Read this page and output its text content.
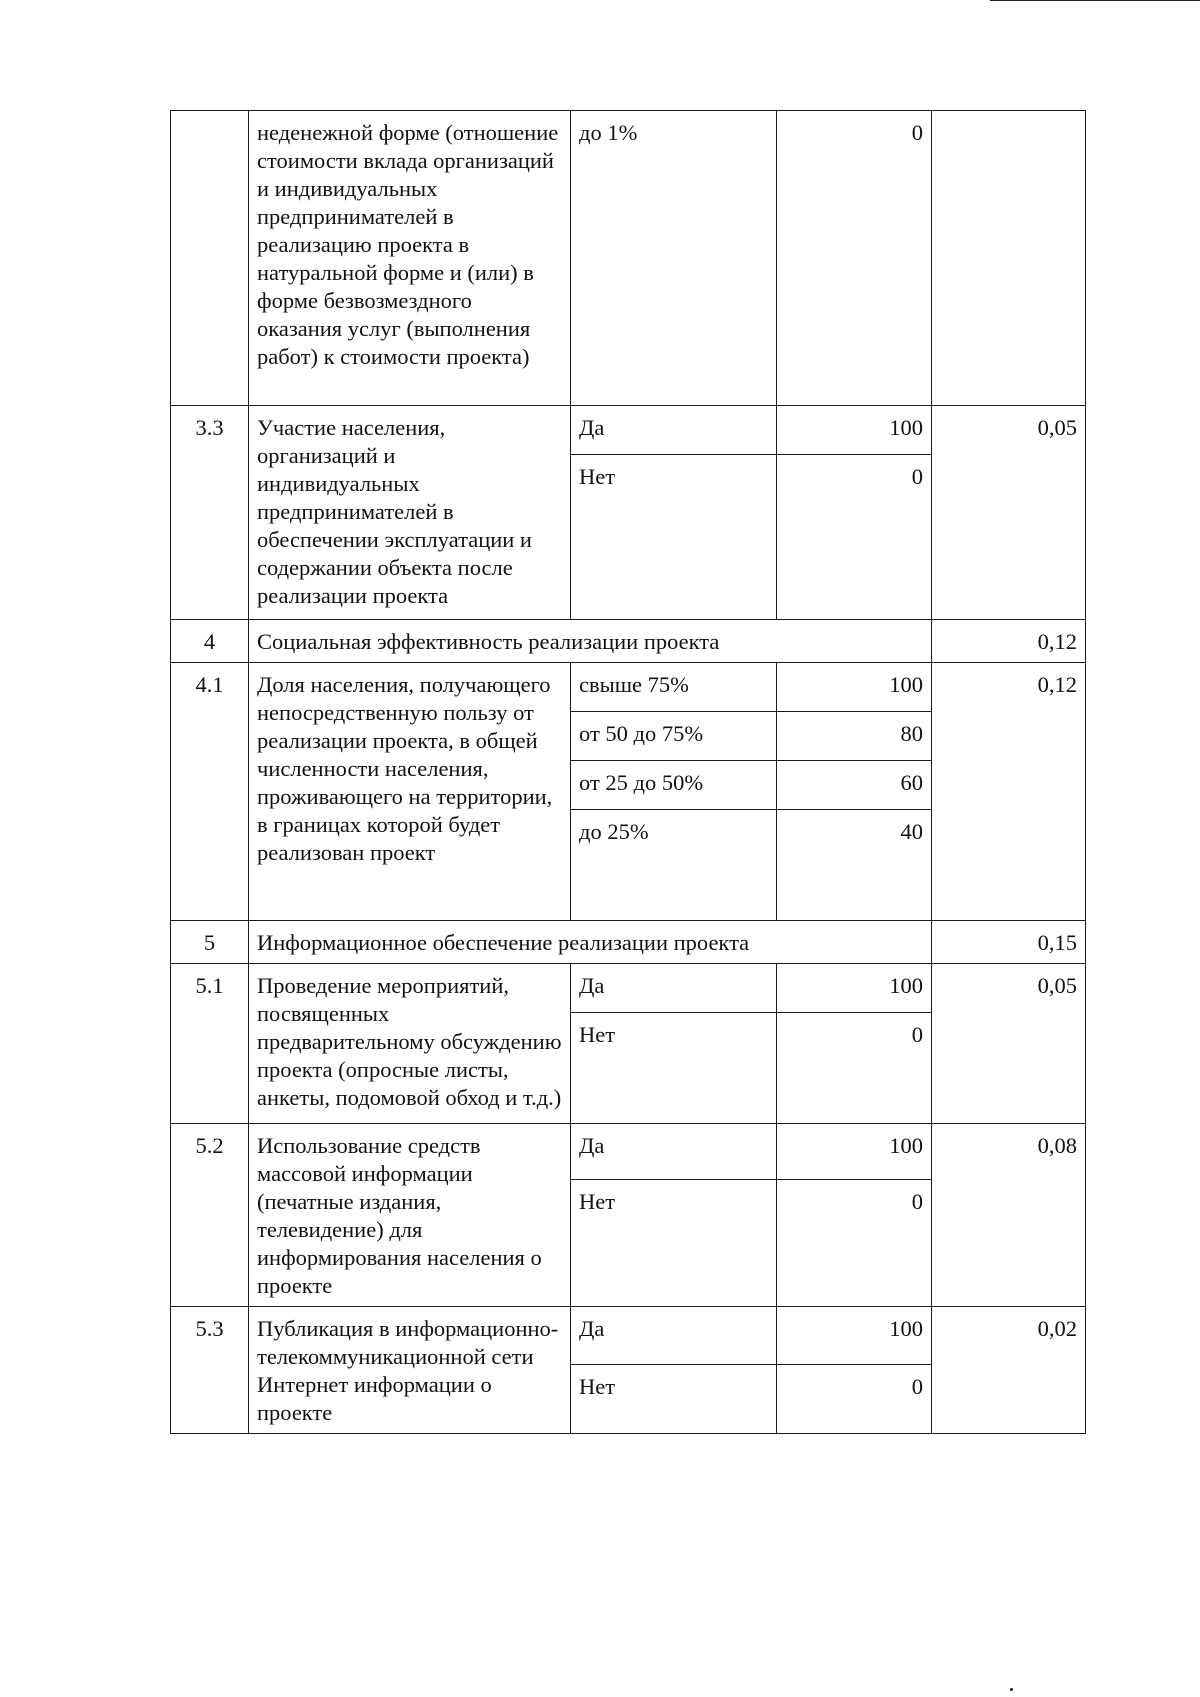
	неденежной форме (отношение стоимости вклада организаций и индивидуальных предпринимателей в реализацию проекта в натуральной форме и (или) в форме безвозмездного оказания услуг (выполнения работ) к стоимости проекта)	до 1%	0	
3.3	Участие населения, организаций и индивидуальных предпринимателей в обеспечении эксплуатации и содержании объекта после реализации проекта	Да	100	0,05
		Нет	0	
4	Социальная эффективность реализации проекта			0,12
4.1	Доля населения, получающего непосредственную пользу от реализации проекта, в общей численности населения, проживающего на территории, в границах которой будет реализован проект	свыше 75%	100	0,12
		от 50 до 75%	80	
		от 25 до 50%	60	
		до 25%	40	
5	Информационное обеспечение реализации проекта			0,15
5.1	Проведение мероприятий, посвященных предварительному обсуждению проекта (опросные листы, анкеты, подомовой обход и т.д.)	Да	100	0,05
		Нет	0	
5.2	Использование средств массовой информации (печатные издания, телевидение) для информирования населения о проекте	Да	100	0,08
		Нет	0	
5.3	Публикация в информационно-телекоммуникационной сети Интернет информации о проекте	Да	100	0,02
		Нет	0	
